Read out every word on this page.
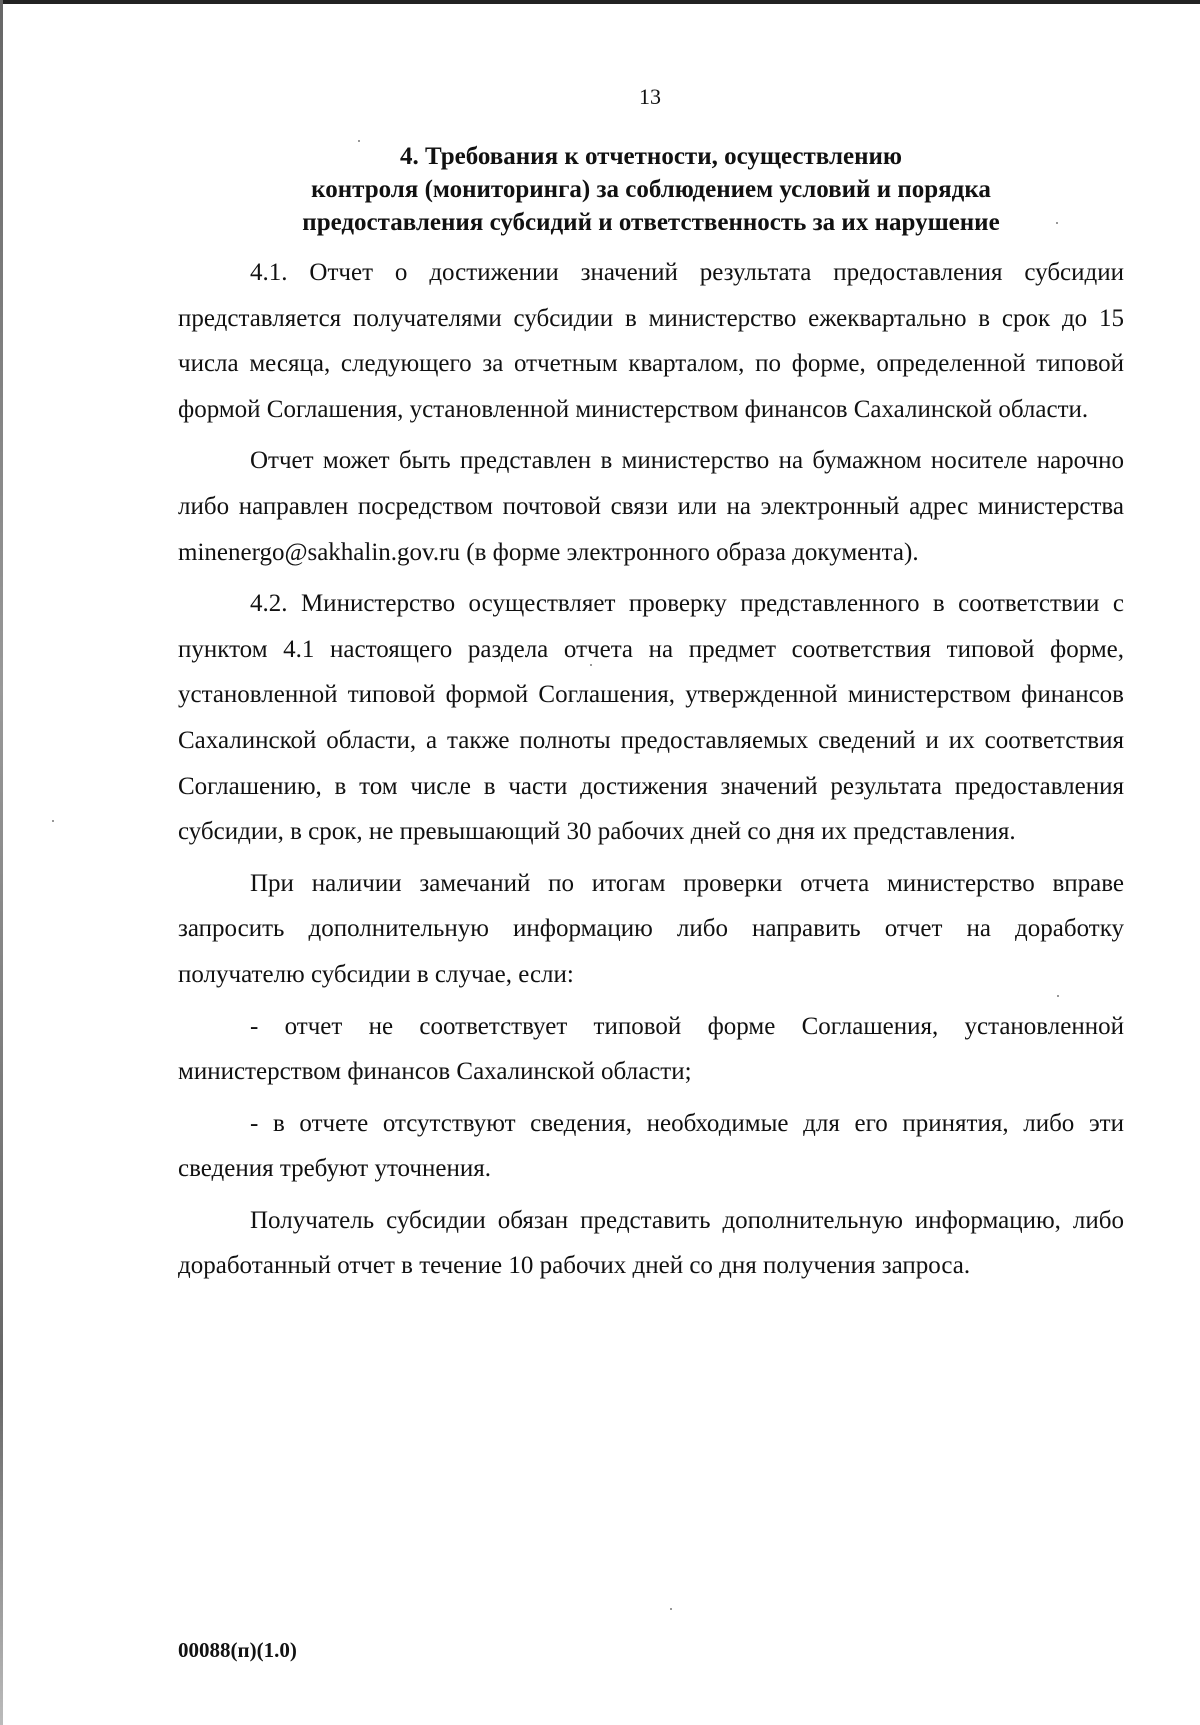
13
4. Требования к отчетности, осуществлению
контроля (мониторинга) за соблюдением условий и порядка
предоставления субсидий и ответственность за их нарушение

4.1. Отчет о достижении значений результата предоставления субсидии представляется получателями субсидии в министерство ежеквартально в срок до 15 числа месяца, следующего за отчетным кварталом, по форме, определенной типовой формой Соглашения, установленной министерством финансов Сахалинской области.

Отчет может быть представлен в министерство на бумажном носителе нарочно либо направлен посредством почтовой связи или на электронный адрес министерства minenergo@sakhalin.gov.ru (в форме электронного образа документа).

4.2. Министерство осуществляет проверку представленного в соответствии с пунктом 4.1 настоящего раздела отчета на предмет соответствия типовой форме, установленной типовой формой Соглашения, утвержденной министерством финансов Сахалинской области, а также полноты предоставляемых сведений и их соответствия Соглашению, в том числе в части достижения значений результата предоставления субсидии, в срок, не превышающий 30 рабочих дней со дня их представления.

При наличии замечаний по итогам проверки отчета министерство вправе запросить дополнительную информацию либо направить отчет на доработку получателю субсидии в случае, если:

- отчет не соответствует типовой форме Соглашения, установленной министерством финансов Сахалинской области;

- в отчете отсутствуют сведения, необходимые для его принятия, либо эти сведения требуют уточнения.

Получатель субсидии обязан представить дополнительную информацию, либо доработанный отчет в течение 10 рабочих дней со дня получения запроса.

00088(п)(1.0)
